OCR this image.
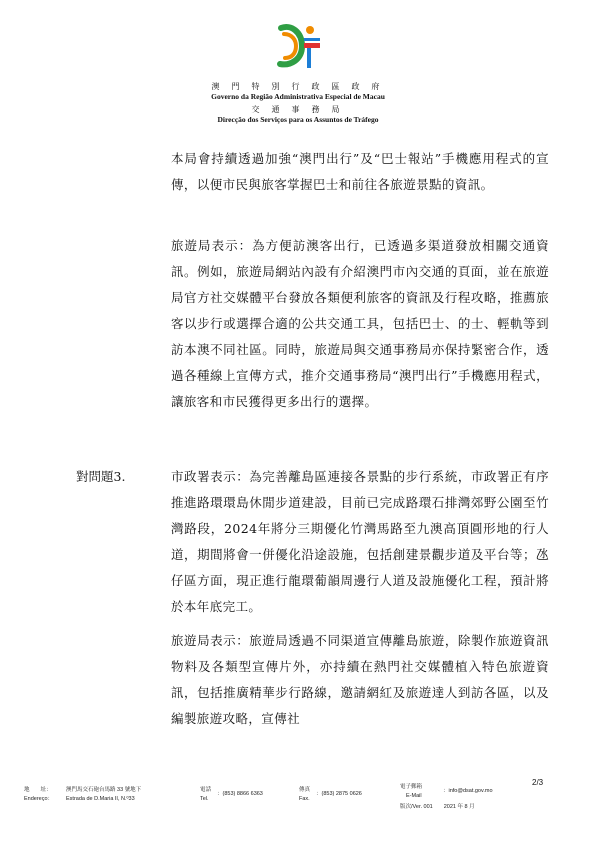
澳 門 特 別 行 政 區 政 府
Governo da Região Administrativa Especial de Macau
交 通 事 務 局
Direcção dos Serviços para os Assuntos de Tráfego
本局會持續透過加強“澳門出行”及“巴士報站”手機應用程式的宣傳，以便市民與旅客掌握巴士和前往各旅遊景點的資訊。
旅遊局表示：為方便訪澳客出行，已透過多渠道發放相關交通資訊。例如，旅遊局網站內設有介紹澳門市內交通的頁面，並在旅遊局官方社交媒體平台發放各類便利旅客的資訊及行程攻略，推薦旅客以步行或選擇合適的公共交通工具，包括巴士、的士、輕軌等到訪本澳不同社區。同時，旅遊局與交通事務局亦保持緊密合作，透過各種線上宣傳方式，推介交通事務局“澳門出行”手機應用程式，讓旅客和市民獲得更多出行的選擇。
對問題3.	市政署表示：為完善離島區連接各景點的步行系統，市政署正有序推進路環環島休閒步道建設，目前已完成路環石排灣郊野公園至竹灣路段，2024年將分三期優化竹灣馬路至九澳高頂圓形地的行人道，期間將會一併優化沿途設施，包括創建景觀步道及平台等；氹仔區方面，現正進行龍環葡韻周邊行人道及設施優化工程，預計將於本年底完工。
旅遊局表示：旅遊局透過不同渠道宣傳離島旅遊，除製作旅遊資訊物料及各類型宣傳片外，亦持續在熱門社交媒體植入特色旅遊資訊，包括推廣精華步行路線，邀請網紅及旅遊達人到訪各區，以及編製旅遊攻略，宣傳社
2/3
地　　址：
Endereço：
澳門馬交石砲台馬路 33 號地下
Estrada de D.Maria II, N.º33
電話
Tel.
：(853) 8866 6363
傳真
Fax.
：(853) 2875 0626
電子郵箱
E-Mail
：info@dsat.gov.mo
版次/Ver. 001　　2021 年 8 月
